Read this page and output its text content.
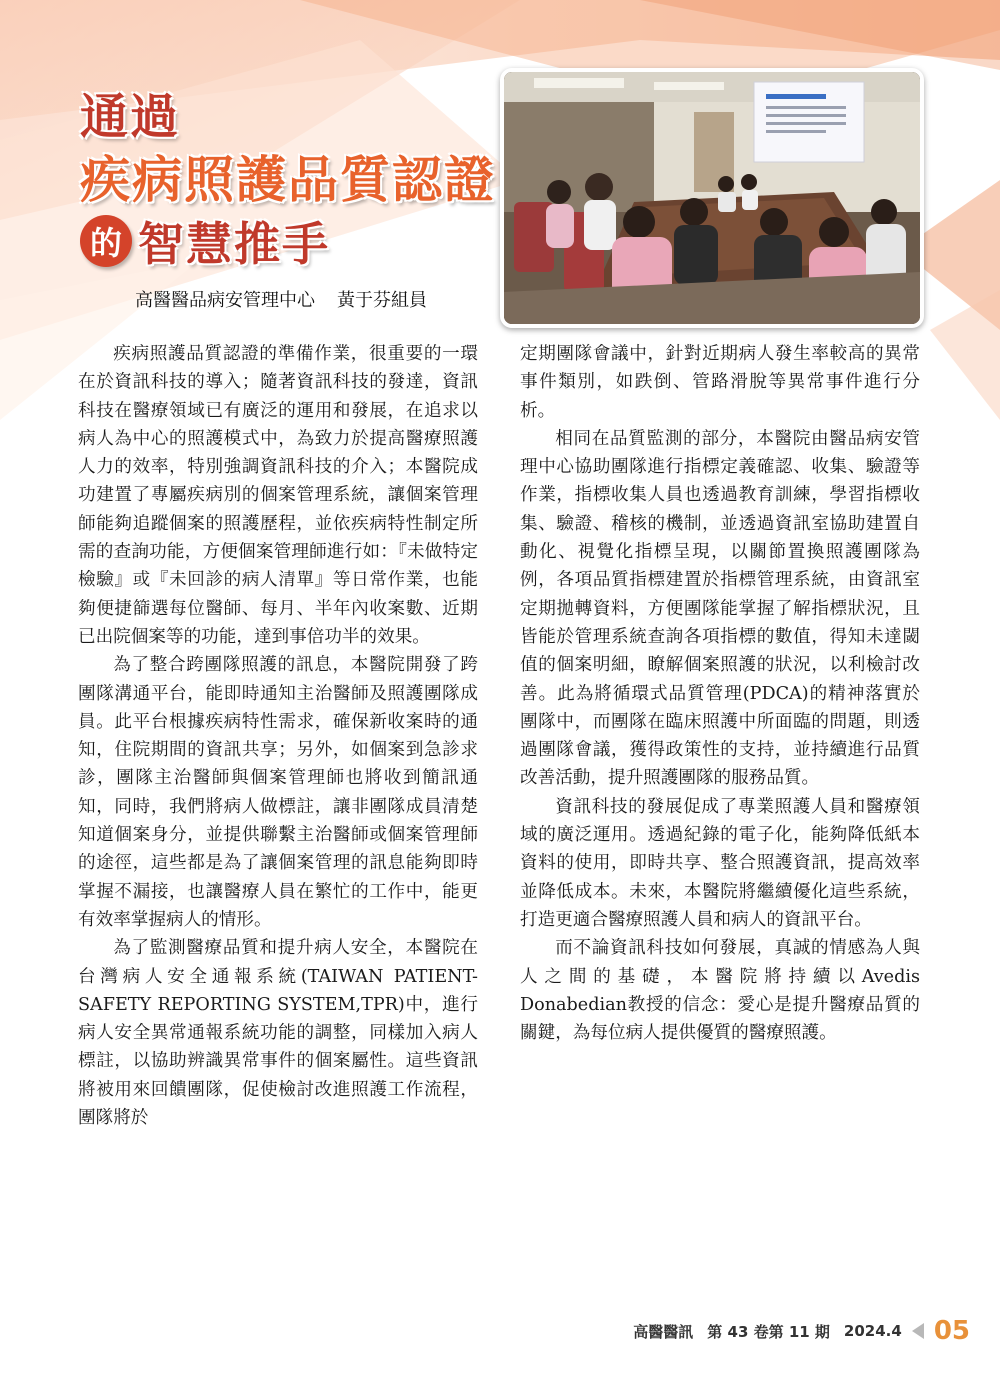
通過
疾病照護品質認證
的 智慧推手
高醫醫品病安管理中心 黃于芬組員

疾病照護品質認證的準備作業，很重要的一環在於資訊科技的導入；隨著資訊科技的發達，資訊科技在醫療領域已有廣泛的運用和發展，在追求以病人為中心的照護模式中，為致力於提高醫療照護人力的效率，特別強調資訊科技的介入；本醫院成功建置了專屬疾病別的個案管理系統，讓個案管理師能夠追蹤個案的照護歷程，並依疾病特性制定所需的查詢功能，方便個案管理師進行如：『未做特定檢驗』或『未回診的病人清單』等日常作業，也能夠便捷篩選每位醫師、每月、半年內收案數、近期已出院個案等的功能，達到事倍功半的效果。

為了整合跨團隊照護的訊息，本醫院開發了跨團隊溝通平台，能即時通知主治醫師及照護團隊成員。此平台根據疾病特性需求，確保新收案時的通知，住院期間的資訊共享；另外，如個案到急診求診，團隊主治醫師與個案管理師也將收到簡訊通知，同時，我們將病人做標註，讓非團隊成員清楚知道個案身分，並提供聯繫主治醫師或個案管理師的途徑，這些都是為了讓個案管理的訊息能夠即時掌握不漏接，也讓醫療人員在繁忙的工作中，能更有效率掌握病人的情形。

為了監測醫療品質和提升病人安全，本醫院在台灣病人安全通報系統(TAIWAN PATIENT-SAFETY REPORTING SYSTEM,TPR)中，進行病人安全異常通報系統功能的調整，同樣加入病人標註，以協助辨識異常事件的個案屬性。這些資訊將被用來回饋團隊，促使檢討改進照護工作流程，團隊將於

定期團隊會議中，針對近期病人發生率較高的異常事件類別，如跌倒、管路滑脫等異常事件進行分析。

相同在品質監測的部分，本醫院由醫品病安管理中心協助團隊進行指標定義確認、收集、驗證等作業，指標收集人員也透過教育訓練，學習指標收集、驗證、稽核的機制，並透過資訊室協助建置自動化、視覺化指標呈現，以關節置換照護團隊為例，各項品質指標建置於指標管理系統，由資訊室定期拋轉資料，方便團隊能掌握了解指標狀況，且皆能於管理系統查詢各項指標的數值，得知未達閾值的個案明細，瞭解個案照護的狀況，以利檢討改善。此為將循環式品質管理(PDCA)的精神落實於團隊中，而團隊在臨床照護中所面臨的問題，則透過團隊會議，獲得政策性的支持，並持續進行品質改善活動，提升照護團隊的服務品質。

資訊科技的發展促成了專業照護人員和醫療領域的廣泛運用。透過紀錄的電子化，能夠降低紙本資料的使用，即時共享、整合照護資訊，提高效率並降低成本。未來，本醫院將繼續優化這些系統，打造更適合醫療照護人員和病人的資訊平台。

而不論資訊科技如何發展，真誠的情感為人與人之間的基礎，本醫院將持續以Avedis Donabedian教授的信念：愛心是提升醫療品質的關鍵，為每位病人提供優質的醫療照護。

高醫醫訊 第 43 卷第 11 期 2024.4 05
